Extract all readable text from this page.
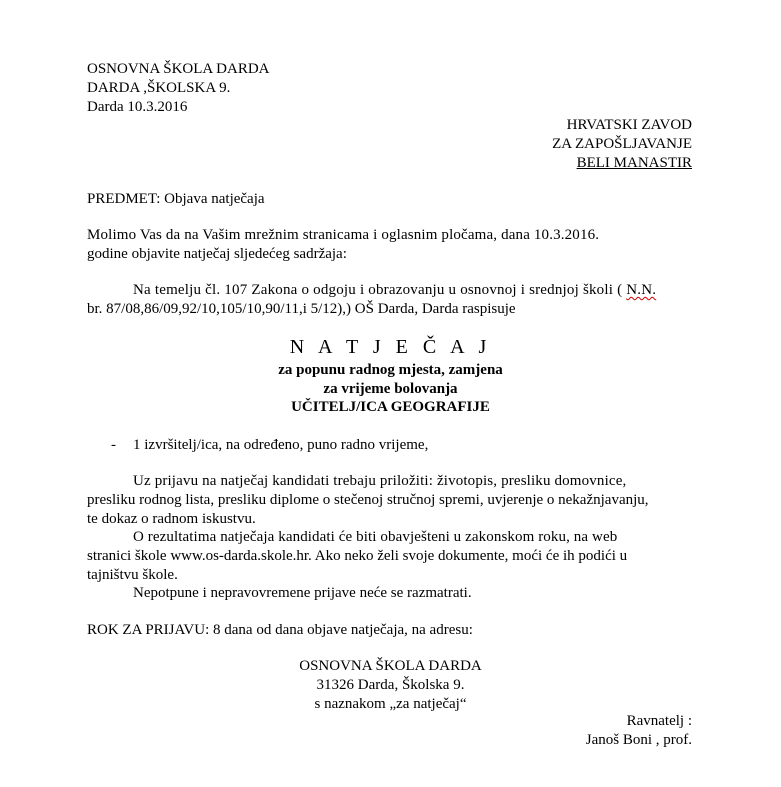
OSNOVNA ŠKOLA DARDA
DARDA ,ŠKOLSKA 9.
Darda 10.3.2016
HRVATSKI ZAVOD
ZA ZAPOŠLJAVANJE
BELI MANASTIR
PREDMET: Objava natječaja
Molimo Vas da na Vašim mrežnim stranicama i oglasnim pločama, dana 10.3.2016.
godine objavite natječaj sljedećeg sadržaja:
Na temelju čl. 107 Zakona o odgoju i obrazovanju u osnovnoj i srednjoj školi ( N.N.
br. 87/08,86/09,92/10,105/10,90/11,i 5/12),) OŠ Darda, Darda raspisuje
N A T J E Č A J
za popunu radnog mjesta, zamjena
za vrijeme bolovanja
UČITELJ/ICA GEOGRAFIJE
- 1 izvršitelj/ica, na određeno, puno radno vrijeme,
Uz prijavu na natječaj kandidati trebaju priložiti: životopis, presliku domovnice,
presliku rodnog lista, presliku diplome o stečenoj stručnoj spremi, uvjerenje o nekažnjavanju,
te dokaz o radnom iskustvu.
O rezultatima natječaja kandidati će biti obavješteni u zakonskom roku, na web
stranici škole www.os-darda.skole.hr. Ako neko želi svoje dokumente, moći će ih podići u
tajništvu škole.
Nepotpune i nepravovremene prijave neće se razmatrati.
ROK ZA PRIJAVU: 8 dana od dana objave natječaja, na adresu:
OSNOVNA ŠKOLA DARDA
31326 Darda, Školska 9.
s naznakom „za natječaj“
Ravnatelj :
Janoš Boni , prof.
